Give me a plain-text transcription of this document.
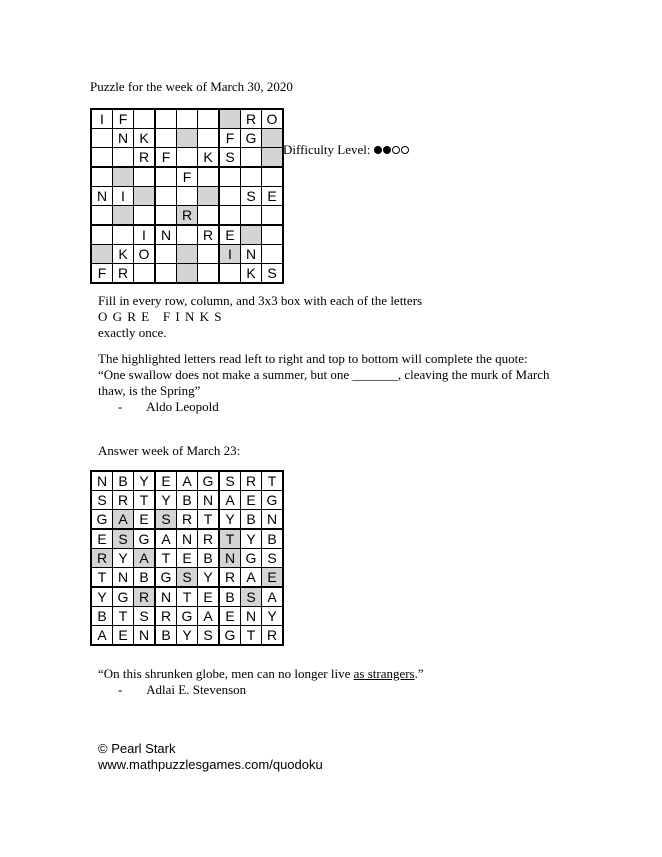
Puzzle for the week of March 30, 2020
I	F						R	O
	N	K				F	G	
		R	F		K	S		
				F				
N	I						S	E
				R				
		I	N		R	E		
	K	O				I	N	
F	R						K	S
Difficulty Level:
Fill in every row, column, and 3x3 box with each of the letters
O G R E   F I N K S
exactly once.
The highlighted letters read left to right and top to bottom will complete the quote:
“One swallow does not make a summer, but one _______, cleaving the murk of March
thaw, is the Spring”
- Aldo Leopold
Answer week of March 23:
N	B	Y	E	A	G	S	R	T
S	R	T	Y	B	N	A	E	G
G	A	E	S	R	T	Y	B	N
E	S	G	A	N	R	T	Y	B
R	Y	A	T	E	B	N	G	S
T	N	B	G	S	Y	R	A	E
Y	G	R	N	T	E	B	S	A
B	T	S	R	G	A	E	N	Y
A	E	N	B	Y	S	G	T	R
“On this shrunken globe, men can no longer live as strangers.”
- Adlai E. Stevenson
© Pearl Stark
www.mathpuzzlesgames.com/quodoku
